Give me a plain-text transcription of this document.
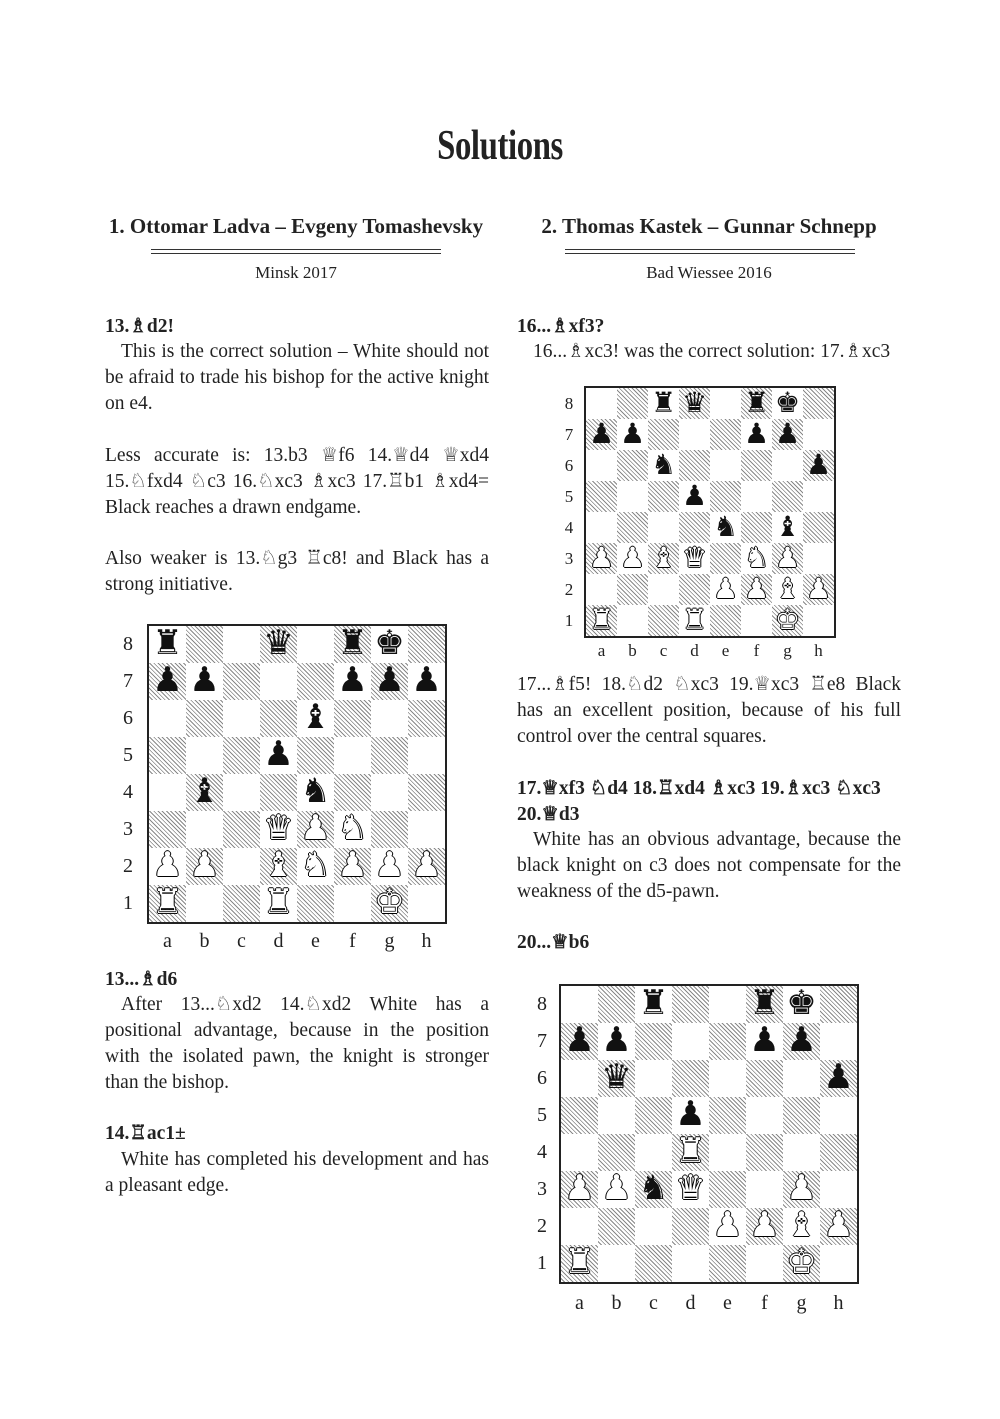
Solutions
1. Ottomar Ladva – Evgeny Tomashevsky
Minsk 2017
13.♗d2!
This is the correct solution – White should not be afraid to trade his bishop for the active knight on e4.
Less accurate is: 13.b3 ♕f6 14.♕d4 ♕xd4 15.♘fxd4 ♘c3 16.♘xc3 ♗xc3 17.♖b1 ♗xd4= Black reaches a drawn endgame.
Also weaker is 13.♘g3 ♖c8! and Black has a strong initiative.
♜ ♛ ♜ ♚
♟ ♟	♟ ♟ ♟
♝
♟
♝ ♞
♛ ♟ ♞
♟ ♟ ♝ ♞ ♟ ♟ ♟
♜ ♜ ♚
8
7
6
5
4
3
2
1
a	b	c	d	e	f	g	h
13...♗d6
After 13...♘xd2 14.♘xd2 White has a positional advantage, because in the position with the isolated pawn, the knight is stronger than the bishop.
14.♖ac1±
White has completed his development and has a pleasant edge.
2. Thomas Kastek – Gunnar Schnepp
Bad Wiessee 2016
16...♗xf3?
16...♗xc3! was the correct solution: 17.♗xc3
♜ ♛ ♜ ♚
♟ ♟	♟ ♟
♞	♟
♟
♞ ♝
♟ ♟ ♝ ♛ ♞ ♟
♟ ♟ ♝ ♟
♜ ♜ ♚
8
7
6
5
4
3
2
1
a	b	c	d	e	f	g	h
17...♗f5! 18.♘d2 ♘xc3 19.♕xc3 ♖e8 Black has an excellent position, because of his full control over the central squares.
17.♕xf3 ♘d4 18.♖xd4 ♗xc3 19.♗xc3 ♘xc3 20.♕d3
White has an obvious advantage, because the black knight on c3 does not compensate for the weakness of the d5-pawn.
20...♕b6
♜ ♜ ♚
♟ ♟	♟ ♟
♛	♟
♟
♜
♟ ♟ ♞ ♛ ♟
♟ ♟ ♝ ♟
♜	♚
8
7
6
5
4
3
2
1
a	b	c	d	e	f	g	h
